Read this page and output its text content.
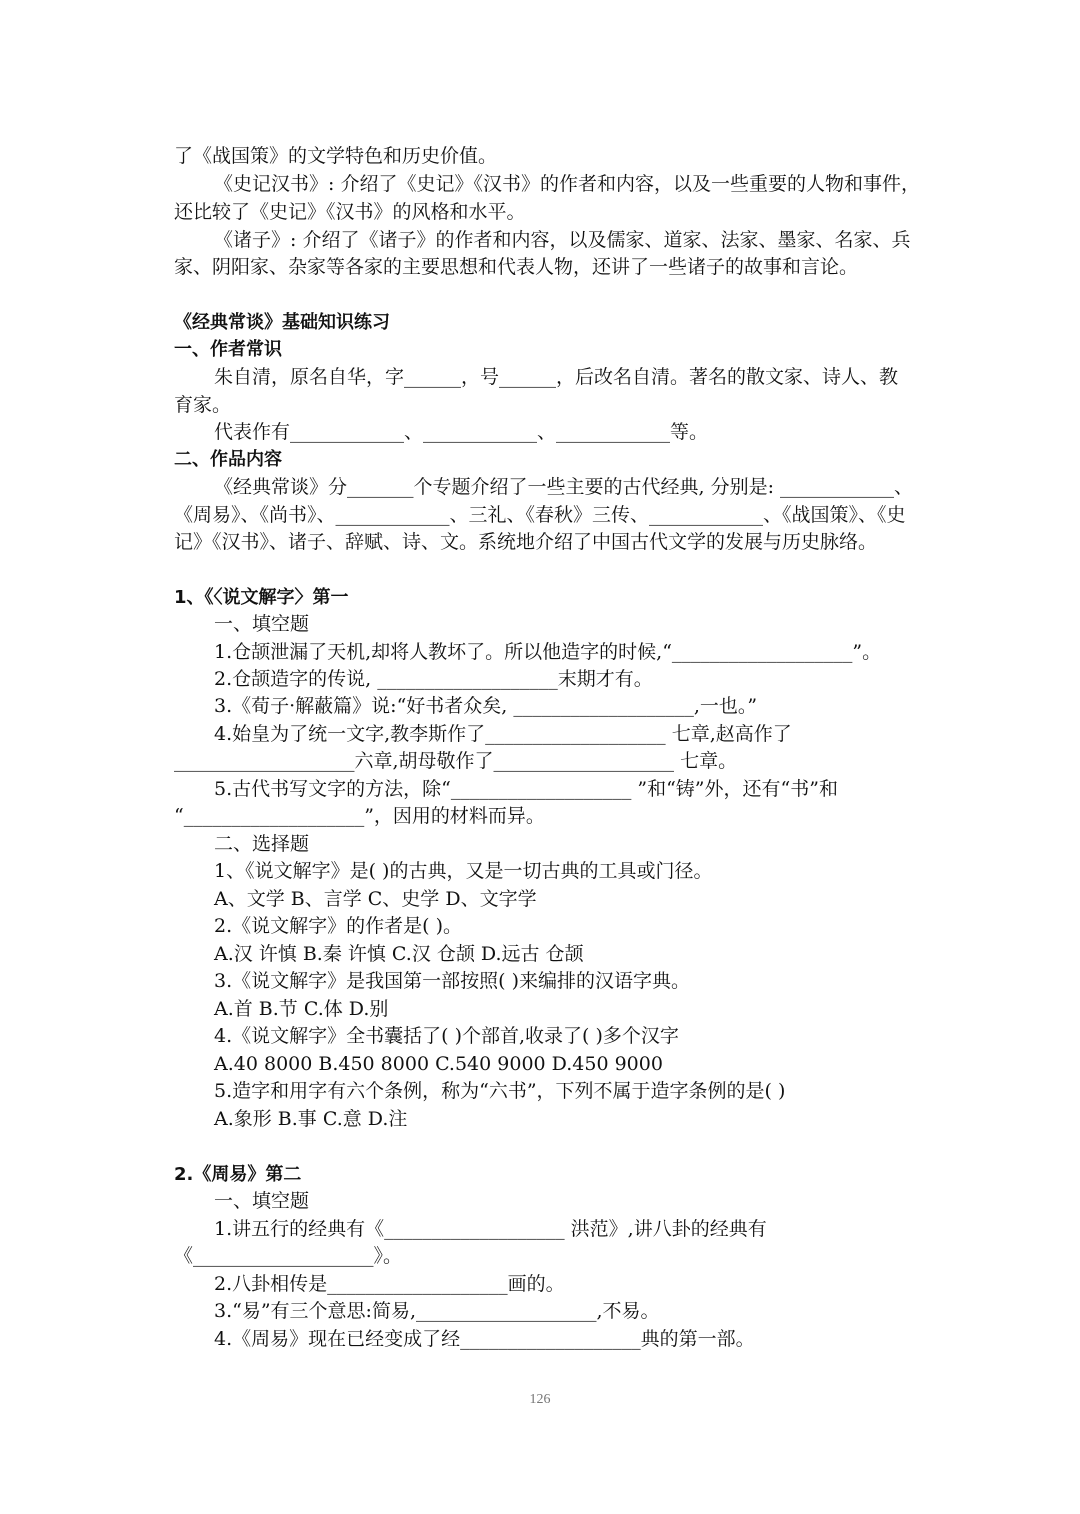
了《战国策》的文学特色和历史价值。
《史记汉书》: 介绍了《史记》《汉书》的作者和内容，以及一些重要的人物和事件，
还比较了《史记》《汉书》的风格和水平。
《诸子》: 介绍了《诸子》的作者和内容，以及儒家、道家、法家、墨家、名家、兵
家、阴阳家、杂家等各家的主要思想和代表人物，还讲了一些诸子的故事和言论。
《经典常谈》基础知识练习
一、作者常识
朱自清，原名自华，字______，号______，后改名自清。著名的散文家、诗人、教
育家。
代表作有____________、____________、____________等。
二、作品内容
《经典常谈》分_______个专题介绍了一些主要的古代经典, 分别是: ____________、
《周易》、《尚书》、____________、三礼、《春秋》三传、____________、《战国策》、《史
记》《汉书》、诸子、辞赋、诗、文。系统地介绍了中国古代文学的发展与历史脉络。
1、《〈说文解字〉第一
一、填空题
1.仓颉泄漏了天机,却将人教坏了。所以他造字的时候,“___________________”。
2.仓颉造字的传说, ___________________末期才有。
3.《荀子·解蔽篇》说:“好书者众矣, ___________________,一也。”
4.始皇为了统一文字,教李斯作了___________________ 七章,赵高作了
___________________六章,胡母敬作了___________________ 七章。
5.古代书写文字的方法，除“___________________ ”和“铸”外，还有“书”和
“___________________”，因用的材料而异。
二、选择题
1、《说文解字》是( )的古典，又是一切古典的工具或门径。
A、文学 B、言学 C、史学 D、文字学
2.《说文解字》的作者是( )。
A.汉 许慎 B.秦 许慎 C.汉 仓颉 D.远古 仓颉
3.《说文解字》是我国第一部按照( )来编排的汉语字典。
A.首 B.节 C.体 D.别
4.《说文解字》全书囊括了( )个部首,收录了( )多个汉字
A.40 8000 B.450 8000 C.540 9000 D.450 9000
5.造字和用字有六个条例，称为“六书”，下列不属于造字条例的是( )
A.象形 B.事 C.意 D.注
2.《周易》第二
一、填空题
1.讲五行的经典有《___________________ 洪范》,讲八卦的经典有
《___________________》。
2.八卦相传是___________________画的。
3.“易”有三个意思:简易,___________________,不易。
4.《周易》现在已经变成了经___________________典的第一部。
126
